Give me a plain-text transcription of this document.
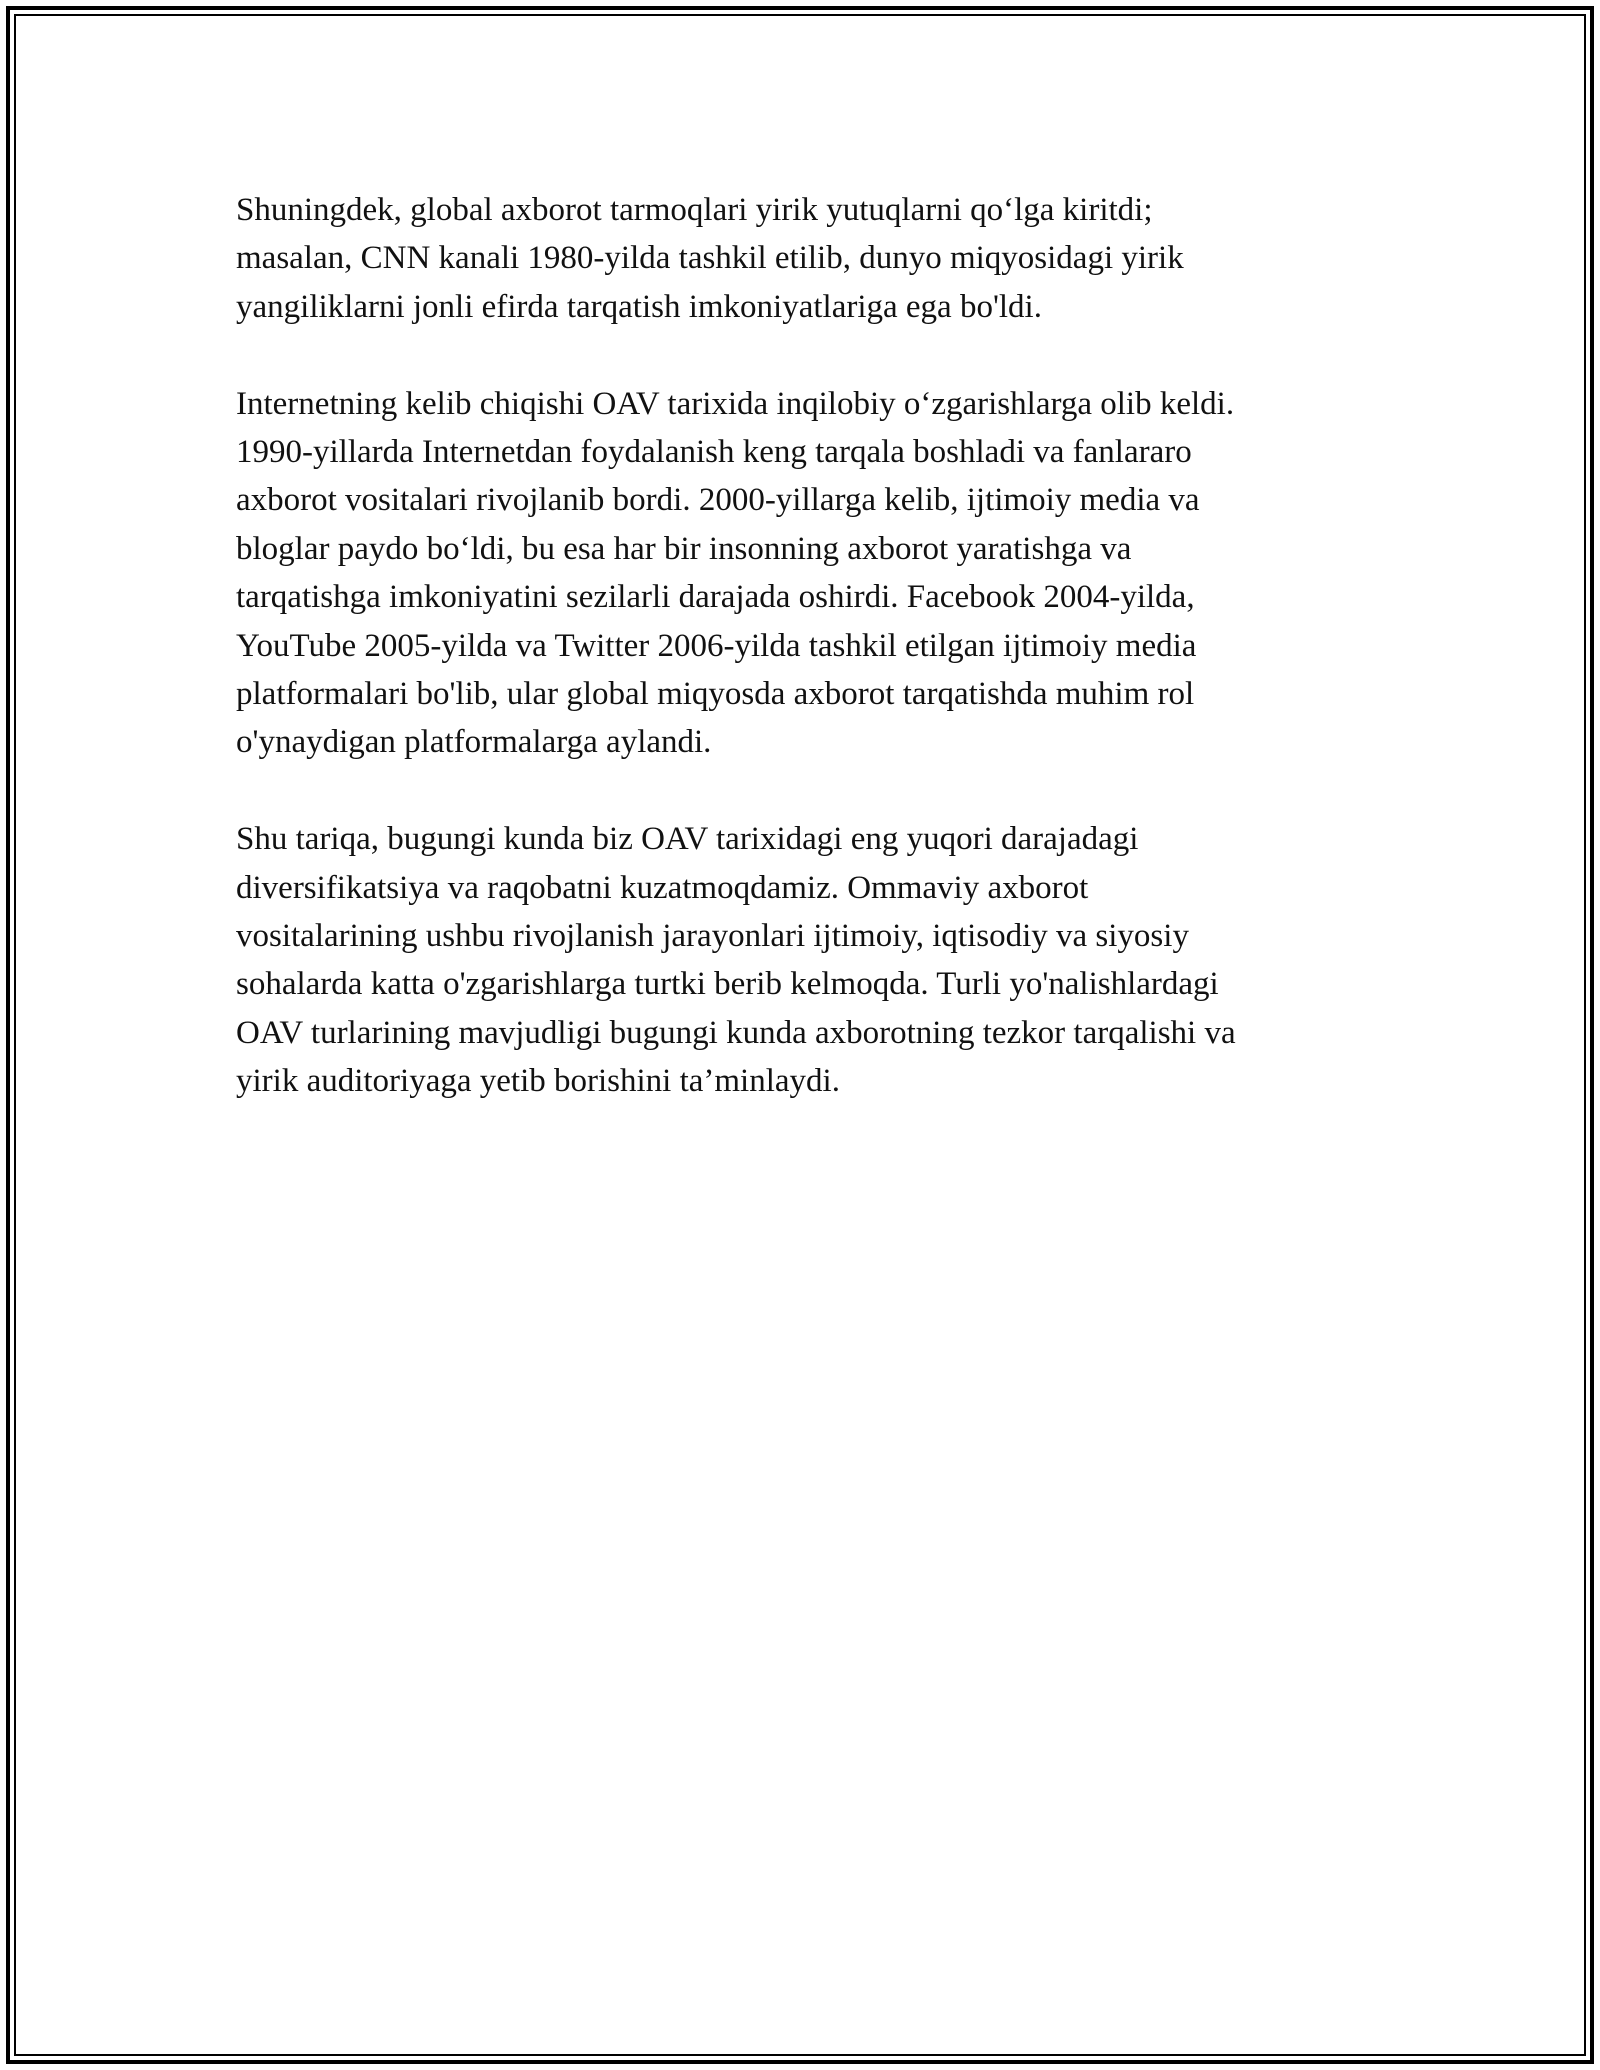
Shuningdek, global axborot tarmoqlari yirik yutuqlarni qo‘lga kiritdi;
masalan, CNN kanali 1980-yilda tashkil etilib, dunyo miqyosidagi yirik
yangiliklarni jonli efirda tarqatish imkoniyatlariga ega bo'ldi.

Internetning kelib chiqishi OAV tarixida inqilobiy o‘zgarishlarga olib keldi.
1990-yillarda Internetdan foydalanish keng tarqala boshladi va fanlararo
axborot vositalari rivojlanib bordi. 2000-yillarga kelib, ijtimoiy media va
bloglar paydo bo‘ldi, bu esa har bir insonning axborot yaratishga va
tarqatishga imkoniyatini sezilarli darajada oshirdi. Facebook 2004-yilda,
YouTube 2005-yilda va Twitter 2006-yilda tashkil etilgan ijtimoiy media
platformalari bo'lib, ular global miqyosda axborot tarqatishda muhim rol
o'ynaydigan platformalarga aylandi.

Shu tariqa, bugungi kunda biz OAV tarixidagi eng yuqori darajadagi
diversifikatsiya va raqobatni kuzatmoqdamiz. Ommaviy axborot
vositalarining ushbu rivojlanish jarayonlari ijtimoiy, iqtisodiy va siyosiy
sohalarda katta o'zgarishlarga turtki berib kelmoqda. Turli yo'nalishlardagi
OAV turlarining mavjudligi bugungi kunda axborotning tezkor tarqalishi va
yirik auditoriyaga yetib borishini ta’minlaydi.
